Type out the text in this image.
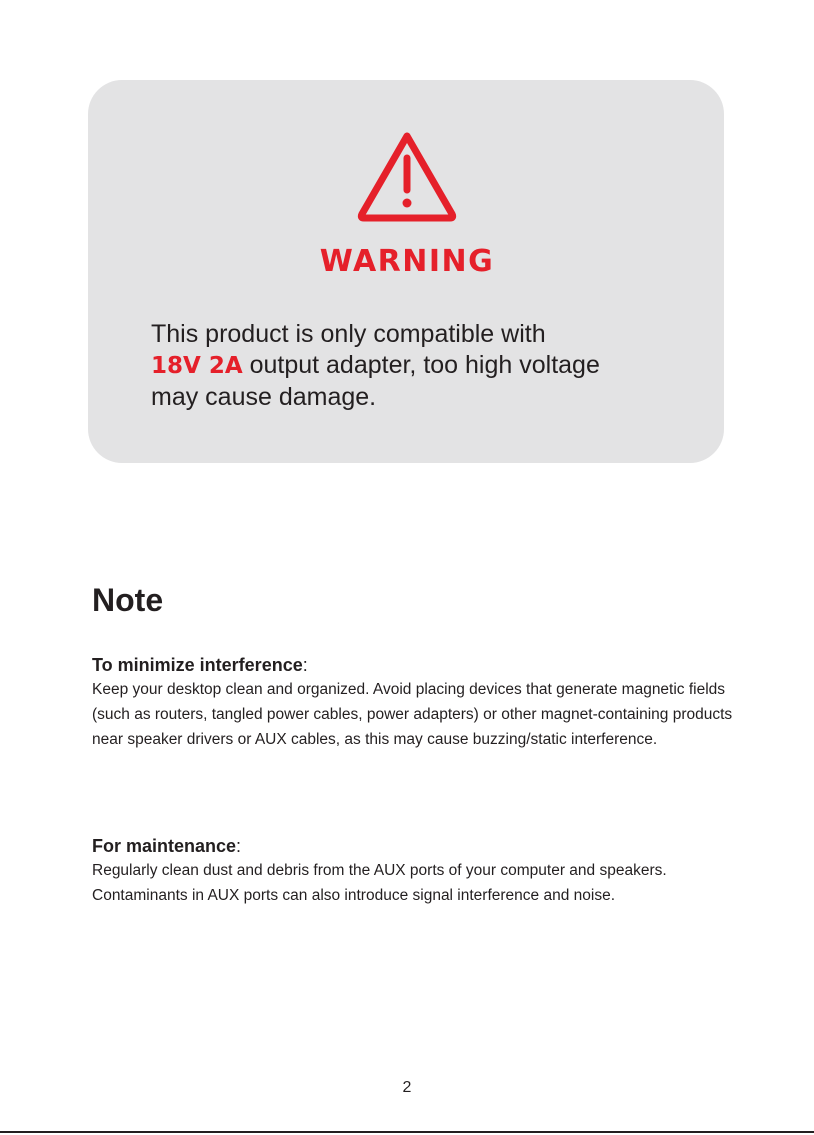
WARNING
This product is only compatible with
18V 2A output adapter, too high voltage
may cause damage.
Note

To minimize interference:

Keep your desktop clean and organized. Avoid placing devices that generate magnetic fields (such as routers, tangled power cables, power adapters) or other magnet-containing products near speaker drivers or AUX cables, as this may cause buzzing/static interference.

For maintenance:

Regularly clean dust and debris from the AUX ports of your computer and speakers. Contaminants in AUX ports can also introduce signal interference and noise.

2
